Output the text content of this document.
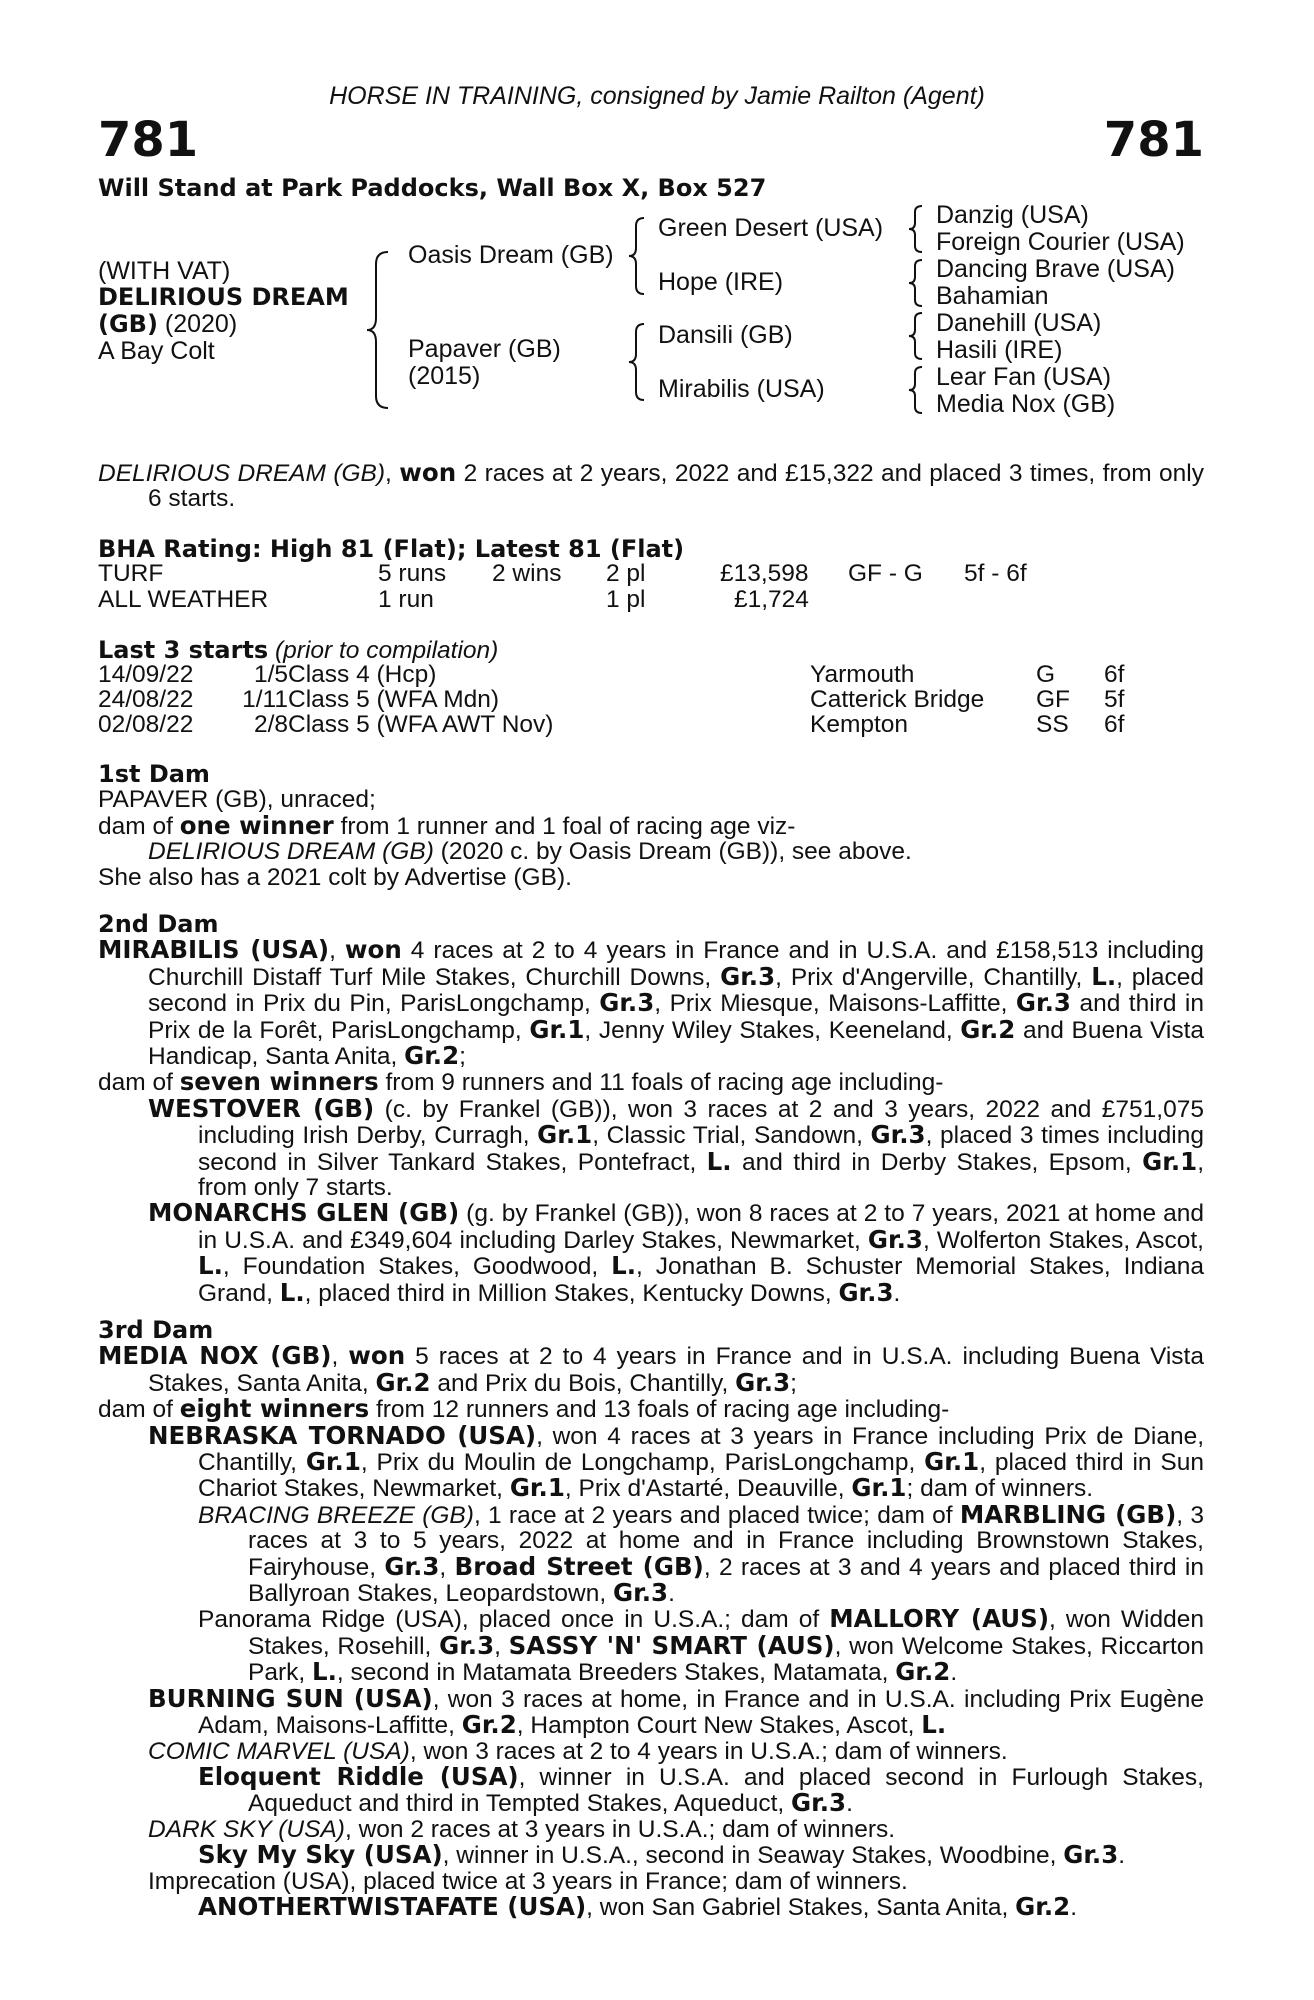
HORSE IN TRAINING, consigned by Jamie Railton (Agent)
781	781
Will Stand at Park Paddocks, Wall Box X, Box 527
(WITH VAT)
DELIRIOUS DREAM
(GB) (2020)
A Bay Colt
Oasis Dream (GB)
Papaver (GB)
(2015)
Green Desert (USA)
Hope (IRE)
Dansili (GB)
Mirabilis (USA)
Danzig (USA)
Foreign Courier (USA)
Dancing Brave (USA)
Bahamian
Danehill (USA)
Hasili (IRE)
Lear Fan (USA)
Media Nox (GB)

DELIRIOUS DREAM (GB), won 2 races at 2 years, 2022 and £15,322 and placed 3 times, from only 6 starts.

BHA Rating: High 81 (Flat); Latest 81 (Flat)
TURF	5 runs 2 wins 2 pl	£13,598 GF - G 5f - 6f
ALL WEATHER	1 run	1 pl	£1,724
Last 3 starts (prior to compilation)
14/09/22	1/5 Class 4 (Hcp)	Yarmouth	G 6f
24/08/22	1/11 Class 5 (WFA Mdn)	Catterick Bridge GF 5f
02/08/22	2/8 Class 5 (WFA AWT Nov)	Kempton	SS 6f

1st Dam

PAPAVER (GB), unraced;

dam of one winner from 1 runner and 1 foal of racing age viz-

DELIRIOUS DREAM (GB) (2020 c. by Oasis Dream (GB)), see above.

She also has a 2021 colt by Advertise (GB).

2nd Dam

MIRABILIS (USA), won 4 races at 2 to 4 years in France and in U.S.A. and £158,513 including Churchill Distaff Turf Mile Stakes, Churchill Downs, Gr.3, Prix d'Angerville, Chantilly, L., placed second in Prix du Pin, ParisLongchamp, Gr.3, Prix Miesque, Maisons-Laffitte, Gr.3 and third in Prix de la Forêt, ParisLongchamp, Gr.1, Jenny Wiley Stakes, Keeneland, Gr.2 and Buena Vista Handicap, Santa Anita, Gr.2;

dam of seven winners from 9 runners and 11 foals of racing age including-

WESTOVER (GB) (c. by Frankel (GB)), won 3 races at 2 and 3 years, 2022 and £751,075 including Irish Derby, Curragh, Gr.1, Classic Trial, Sandown, Gr.3, placed 3 times including second in Silver Tankard Stakes, Pontefract, L. and third in Derby Stakes, Epsom, Gr.1, from only 7 starts.

MONARCHS GLEN (GB) (g. by Frankel (GB)), won 8 races at 2 to 7 years, 2021 at home and in U.S.A. and £349,604 including Darley Stakes, Newmarket, Gr.3, Wolferton Stakes, Ascot, L., Foundation Stakes, Goodwood, L., Jonathan B. Schuster Memorial Stakes, Indiana Grand, L., placed third in Million Stakes, Kentucky Downs, Gr.3.

3rd Dam

MEDIA NOX (GB), won 5 races at 2 to 4 years in France and in U.S.A. including Buena Vista Stakes, Santa Anita, Gr.2 and Prix du Bois, Chantilly, Gr.3;

dam of eight winners from 12 runners and 13 foals of racing age including-

NEBRASKA TORNADO (USA), won 4 races at 3 years in France including Prix de Diane, Chantilly, Gr.1, Prix du Moulin de Longchamp, ParisLongchamp, Gr.1, placed third in Sun Chariot Stakes, Newmarket, Gr.1, Prix d'Astarté, Deauville, Gr.1; dam of winners.

BRACING BREEZE (GB), 1 race at 2 years and placed twice; dam of MARBLING (GB), 3 races at 3 to 5 years, 2022 at home and in France including Brownstown Stakes, Fairyhouse, Gr.3, Broad Street (GB), 2 races at 3 and 4 years and placed third in Ballyroan Stakes, Leopardstown, Gr.3.

Panorama Ridge (USA), placed once in U.S.A.; dam of MALLORY (AUS), won Widden Stakes, Rosehill, Gr.3, SASSY 'N' SMART (AUS), won Welcome Stakes, Riccarton Park, L., second in Matamata Breeders Stakes, Matamata, Gr.2.

BURNING SUN (USA), won 3 races at home, in France and in U.S.A. including Prix Eugène Adam, Maisons-Laffitte, Gr.2, Hampton Court New Stakes, Ascot, L.

COMIC MARVEL (USA), won 3 races at 2 to 4 years in U.S.A.; dam of winners.

Eloquent Riddle (USA), winner in U.S.A. and placed second in Furlough Stakes, Aqueduct and third in Tempted Stakes, Aqueduct, Gr.3.

DARK SKY (USA), won 2 races at 3 years in U.S.A.; dam of winners.

Sky My Sky (USA), winner in U.S.A., second in Seaway Stakes, Woodbine, Gr.3.

Imprecation (USA), placed twice at 3 years in France; dam of winners.

ANOTHERTWISTAFATE (USA), won San Gabriel Stakes, Santa Anita, Gr.2.
